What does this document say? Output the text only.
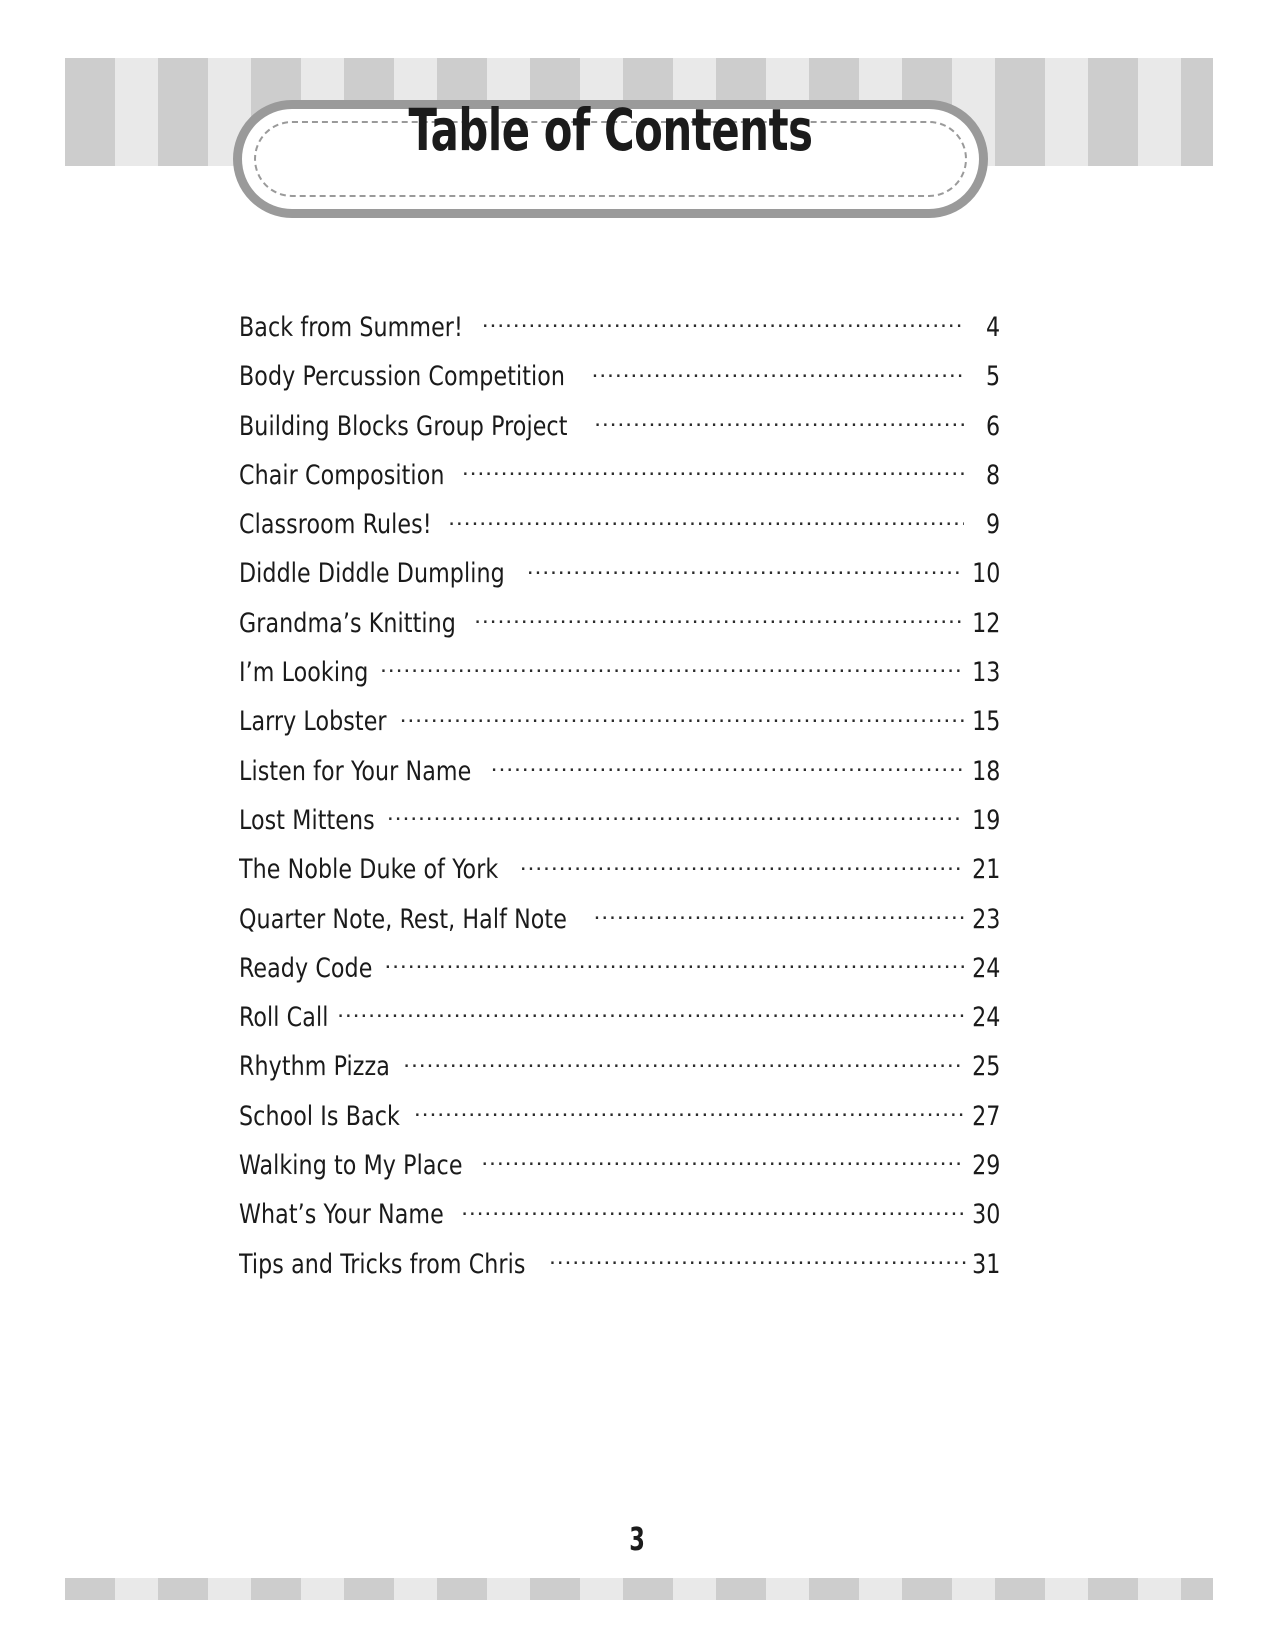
Table of Contents
Back from Summer! .....	4
Body Percussion Competition .....	5
Building Blocks Group Project .....	6
Chair Composition .....	8
Classroom Rules! .....	9
Diddle Diddle Dumpling .....	10
Grandma’s Knitting .....	12
I’m Looking .....	13
Larry Lobster .....	15
Listen for Your Name .....	18
Lost Mittens .....	19
The Noble Duke of York .....	21
Quarter Note, Rest, Half Note .....	23
Ready Code .....	24
Roll Call .....	24
Rhythm Pizza .....	25
School Is Back .....	27
Walking to My Place .....	29
What’s Your Name .....	30
Tips and Tricks from Chris .....	31
3
